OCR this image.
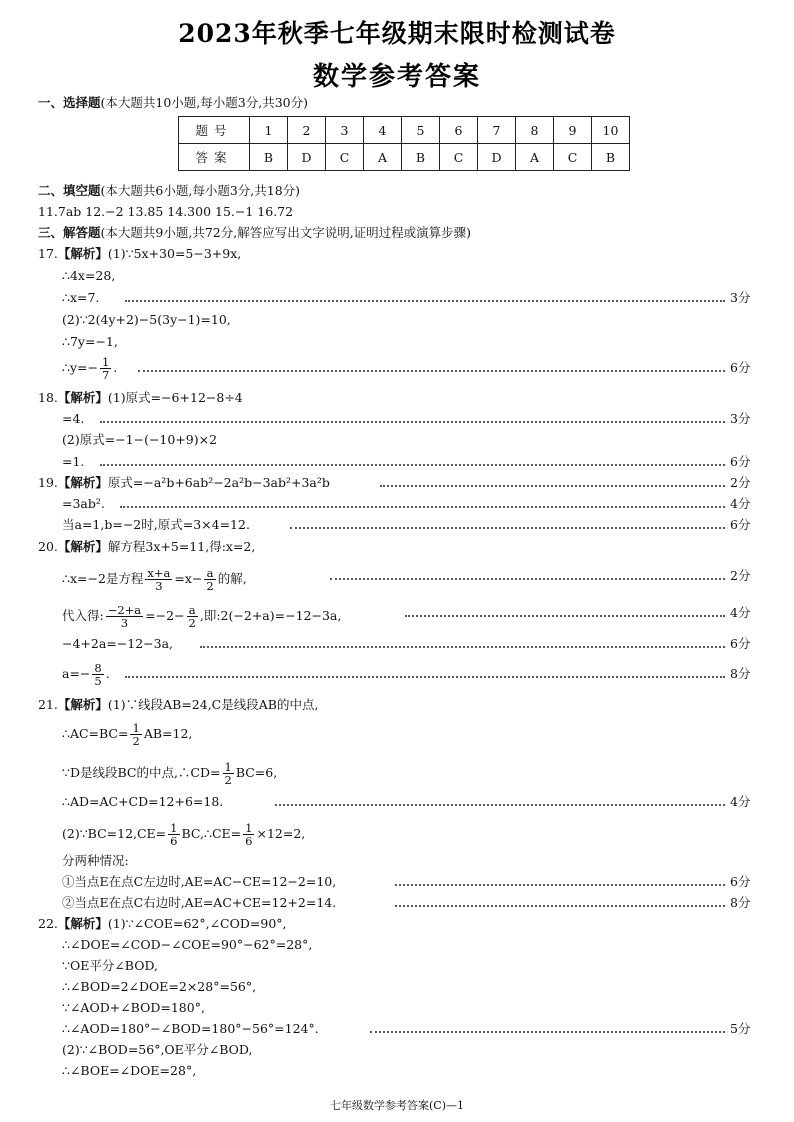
2023年秋季七年级期末限时检测试卷
数学参考答案
一、选择题(本大题共10小题,每小题3分,共30分)
题号	1	2	3	4	5	6	7	8	9	10
答案	B	D	C	A	B	C	D	A	C	B
二、填空题(本大题共6小题,每小题3分,共18分)
11.7ab 12.−2 13.85 14.300 15.−1 16.72
三、解答题(本大题共9小题,共72分,解答应写出文字说明,证明过程或演算步骤)
17.【解析】(1)∵5x+30=5−3+9x,
∴4x=28,
∴x=7.	3分
(2)∵2(4y+2)−5(3y−1)=10,
∴7y=−1,
∴y=− $\frac{1}{7}$ .	6分
18.【解析】(1)原式=−6+12−8÷4
=4.	3分
(2)原式=−1−(−10+9)×2
=1.	6分
19.【解析】原式=−a²b+6ab²−2a²b−3ab²+3a²b	2分
=3ab².	4分
当a=1,b=−2时,原式=3×4=12.	6分
20.【解析】解方程3x+5=11,得:x=2,
∴x=−2是方程 $\frac{x+a}{3} =x- \frac{a}{2}$ 的解,	2分
代入得: $\frac{-2+a}{3} =-2- \frac{a}{2}$ ,即:2(−2+a)=−12−3a,	4分
−4+2a=−12−3a,	6分
$a=- \frac{8}{5}$ .	8分
21.【解析】(1)∵线段AB=24,C是线段AB的中点,
∴AC=BC= $\frac{1}{2} AB=12$,
∵D是线段BC的中点,∴CD= $\frac{1}{2} BC=6$,
∴AD=AC+CD=12+6=18.	4分
(2)∵BC=12,CE= $\frac{1}{6}$ BC,∴CE= $\frac{1}{6} \times 12=2$,
分两种情况:
①当点E在点C左边时,AE=AC−CE=12−2=10,	6分
②当点E在点C右边时,AE=AC+CE=12+2=14.	8分
22.【解析】(1)∵∠COE=62°,∠COD=90°,
∴∠DOE=∠COD−∠COE=90°−62°=28°,
∵OE平分∠BOD,
∴∠BOD=2∠DOE=2×28°=56°,
∵∠AOD+∠BOD=180°,
∴∠AOD=180°−∠BOD=180°−56°=124°.	5分
(2)∵∠BOD=56°,OE平分∠BOD,
∴∠BOE=∠DOE=28°,
七年级数学参考答案(C)—1
